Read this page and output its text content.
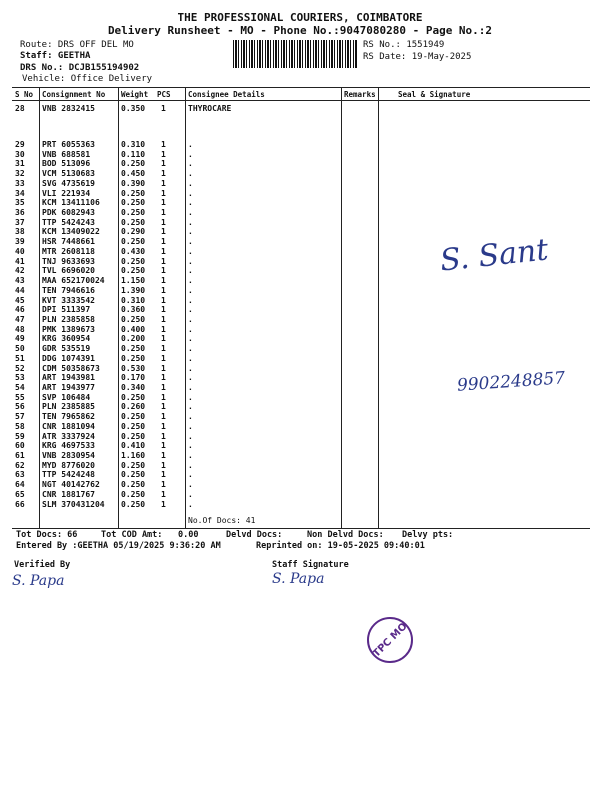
THE PROFESSIONAL COURIERS, COIMBATORE
Delivery Runsheet - MO - Phone No.:9047080280 - Page No.:2
Route: DRS OFF DEL MO
Staff: GEETHA
DRS No.: DCJB155194902
Vehicle: Office Delivery
RS No.: 1551949
RS Date: 19-May-2025
S No Consignment No Weight PCS Consignee Details	Remarks	Seal & Signature
28 VNB 2832415	0.350 1	THYROCARE
29 PRT 6055363	0.310 1	.
30 VNB 688581	0.110 1	.
31 BOD 513096	0.250 1	.
32 VCM 5130683	0.450 1	.
33 SVG 4735619	0.390 1	.
34 VLI 221934	0.250 1	.
35 KCM 13411106	0.250 1	.
36 PDK 6082943	0.250 1	.
37 TTP 5424243	0.250 1	.
38 KCM 13409022	0.290 1	.
39 HSR 7448661	0.250 1	.
40 MTR 2608118	0.430 1	.
41 TNJ 9633693	0.250 1	.
42 TVL 6696020	0.250 1	.
43 MAA 652170024 1.150 1	.
44 TEN 7946616	1.390 1	.
45 KVT 3333542	0.310 1	.
46 DPI 511397	0.360 1	.
47 PLN 2385858	0.250 1	.
48 PMK 1389673	0.400 1	.
49 KRG 360954	0.200 1	.
50 GDR 535519	0.250 1	.
51 DDG 1074391	0.250 1	.
52 CDM 50358673	0.530 1	.
53 ART 1943981	0.170 1	.
54 ART 1943977	0.340 1	.
55 SVP 106484	0.250 1	.
56 PLN 2385885	0.260 1	.
57 TEN 7965862	0.250 1	.
58 CNR 1881094	0.250 1	.
59 ATR 3337924	0.250 1	.
60 KRG 4697533	0.410 1	.
61 VNB 2830954	1.160 1	.
62 MYD 8776020	0.250 1	.
63 TTP 5424248	0.250 1	.
64 NGT 40142762	0.250 1	.
65 CNR 1881767	0.250 1	.
66 SLM 370431204 0.250 1	.
No.Of Docs: 41
S. Sant
9902248857
Tot Docs: 66	Tot COD Amt: 0.00	Delvd Docs:	Non Delvd Docs: Delvy pts:
Entered By :GEETHA 05/19/2025 9:36:20 AM	Reprinted on: 19-05-2025 09:40:01
Verified By	Staff Signature
S. Papa	S. Papa
TPC MO
